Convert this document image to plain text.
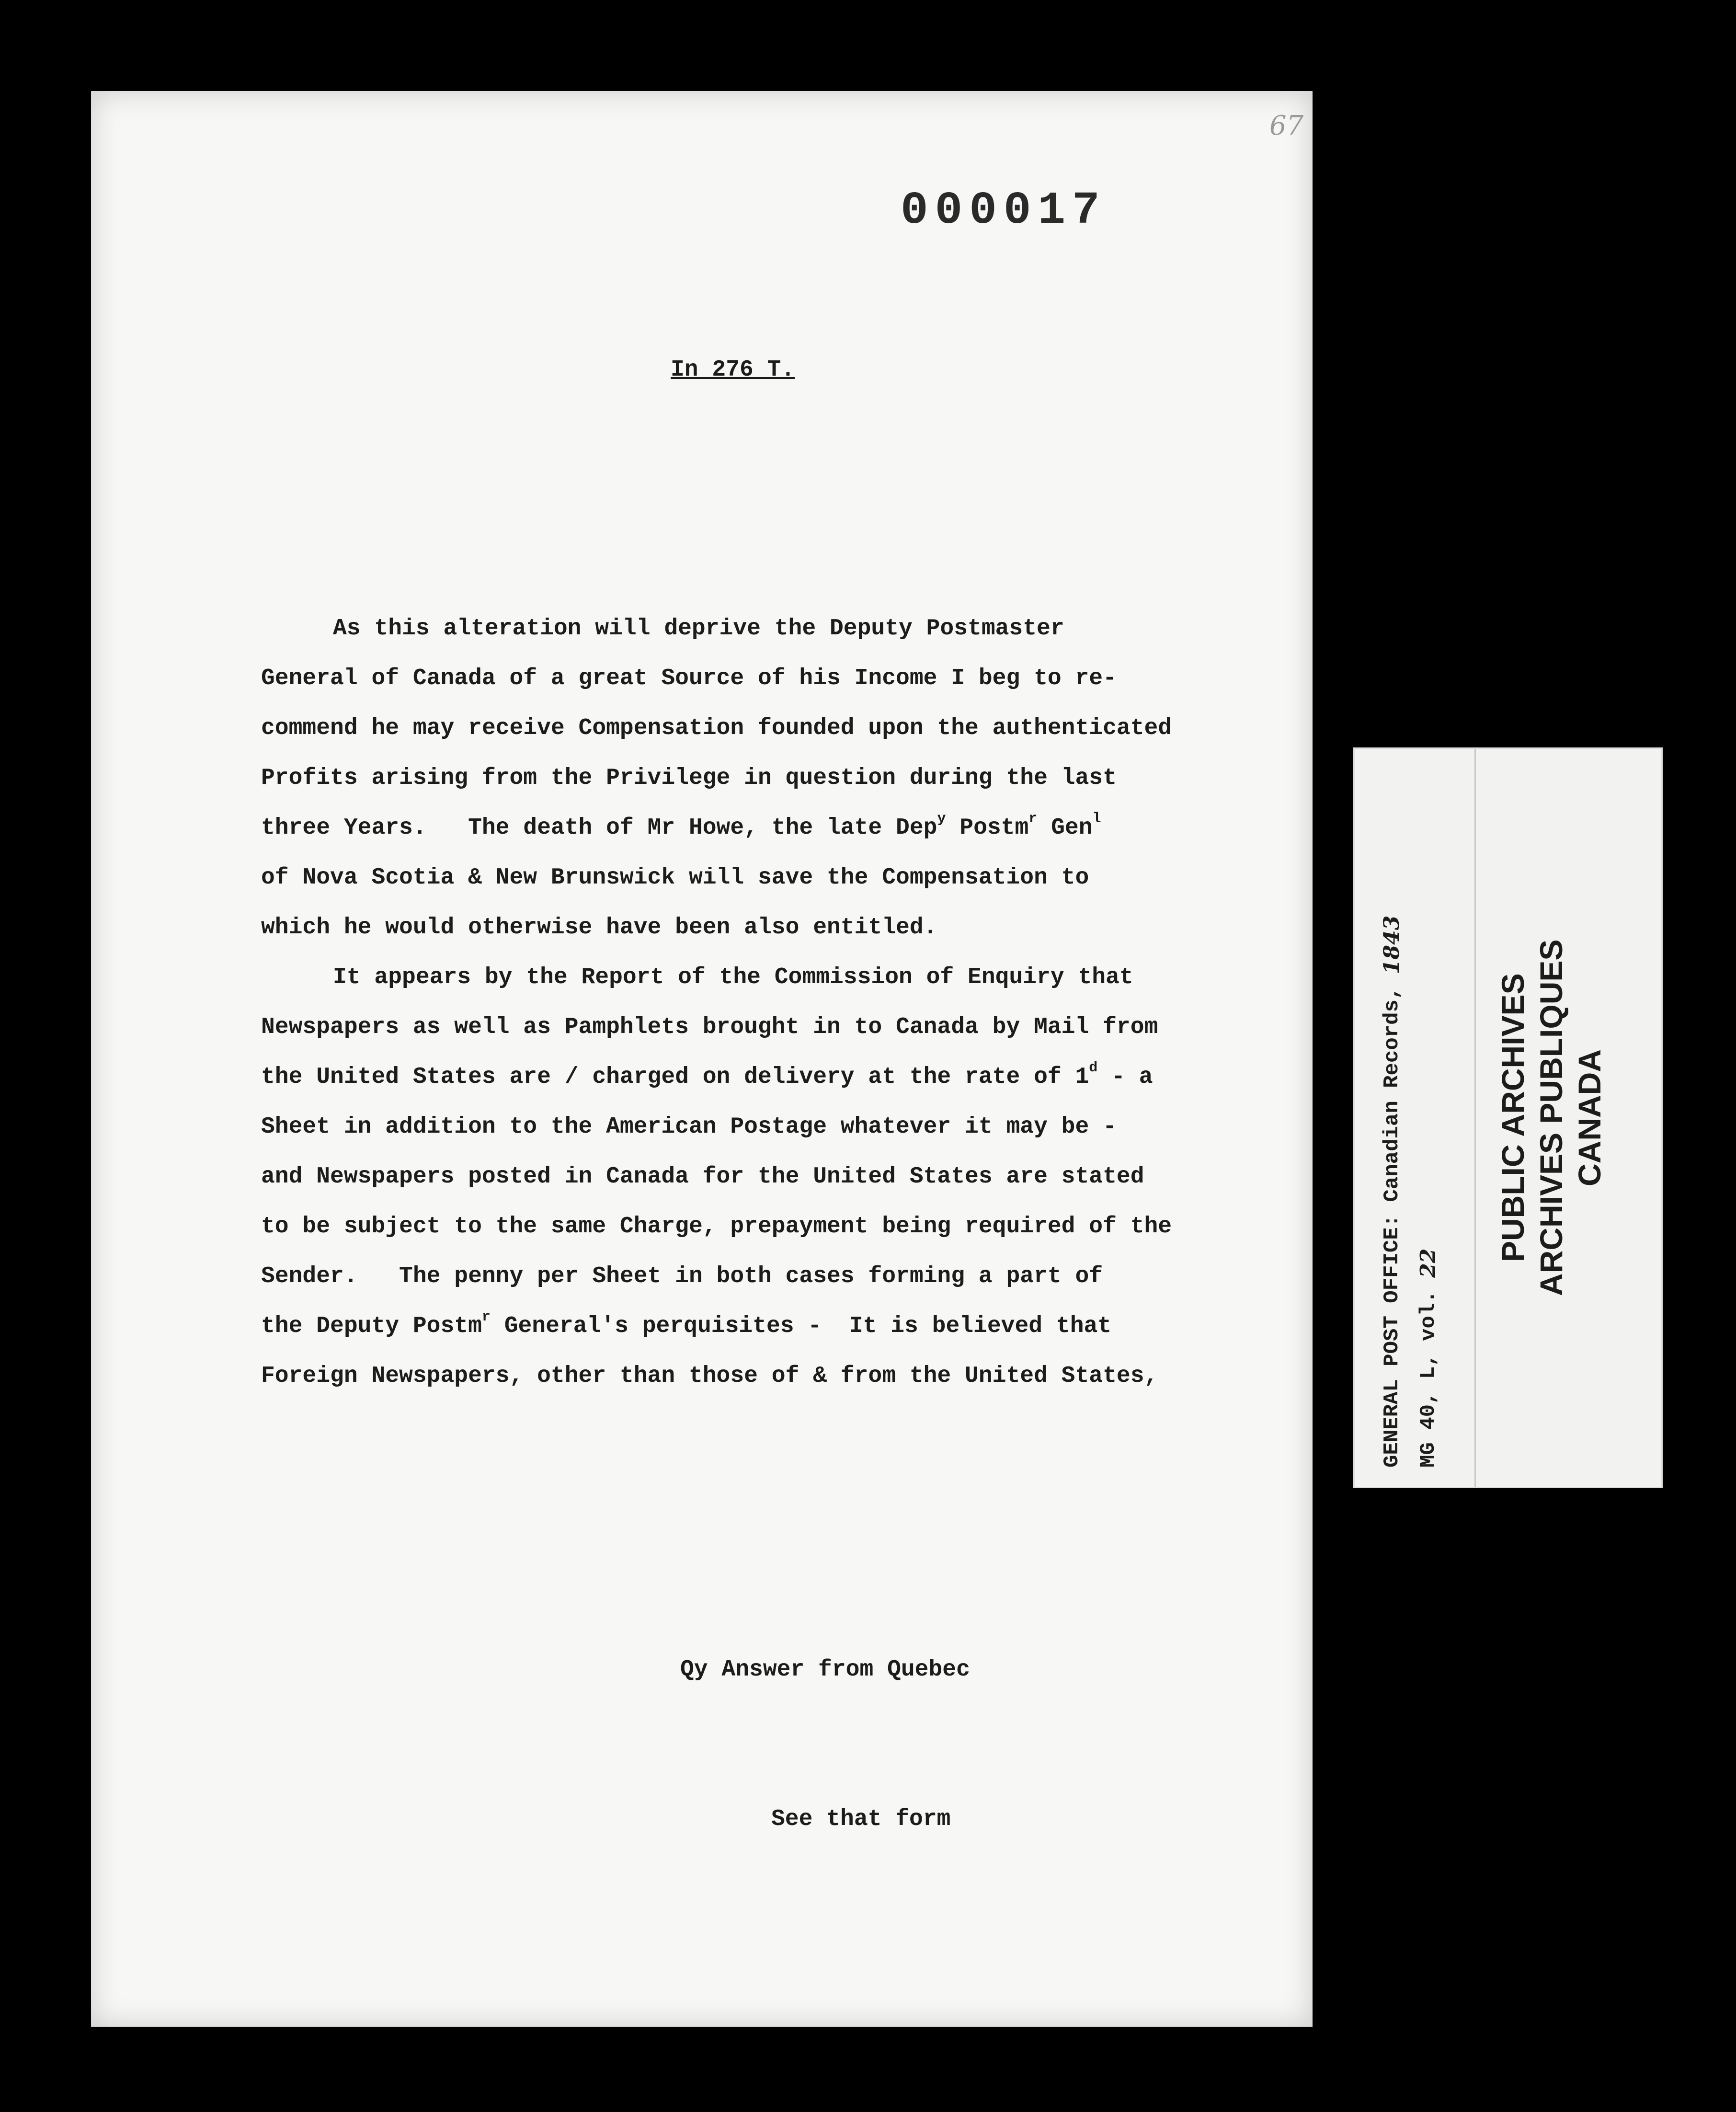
67
000017
In 276 T.
As this alteration will deprive the Deputy Postmaster
General of Canada of a great Source of his Income I beg to re-
commend he may receive Compensation founded upon the authenticated
Profits arising from the Privilege in question during the last
three Years.   The death of Mr Howe, the late Dep$^y$ Postm$^r$ Gen$^l$
of Nova Scotia & New Brunswick will save the Compensation to
which he would otherwise have been also entitled.
It appears by the Report of the Commission of Enquiry that
Newspapers as well as Pamphlets brought in to Canada by Mail from
the United States are / charged on delivery at the rate of 1$^d$ - a
Sheet in addition to the American Postage whatever it may be -
and Newspapers posted in Canada for the United States are stated
to be subject to the same Charge, prepayment being required of the
Sender.   The penny per Sheet in both cases forming a part of
the Deputy Postm$^r$ General's perquisites -  It is believed that
Foreign Newspapers, other than those of & from the United States,

Qy Answer from Quebec

See that form

GENERAL POST OFFICE: Canadian Records, 1843
MG 40, L, vol. 22
PUBLIC ARCHIVES ARCHIVES PUBLIQUES CANADA
